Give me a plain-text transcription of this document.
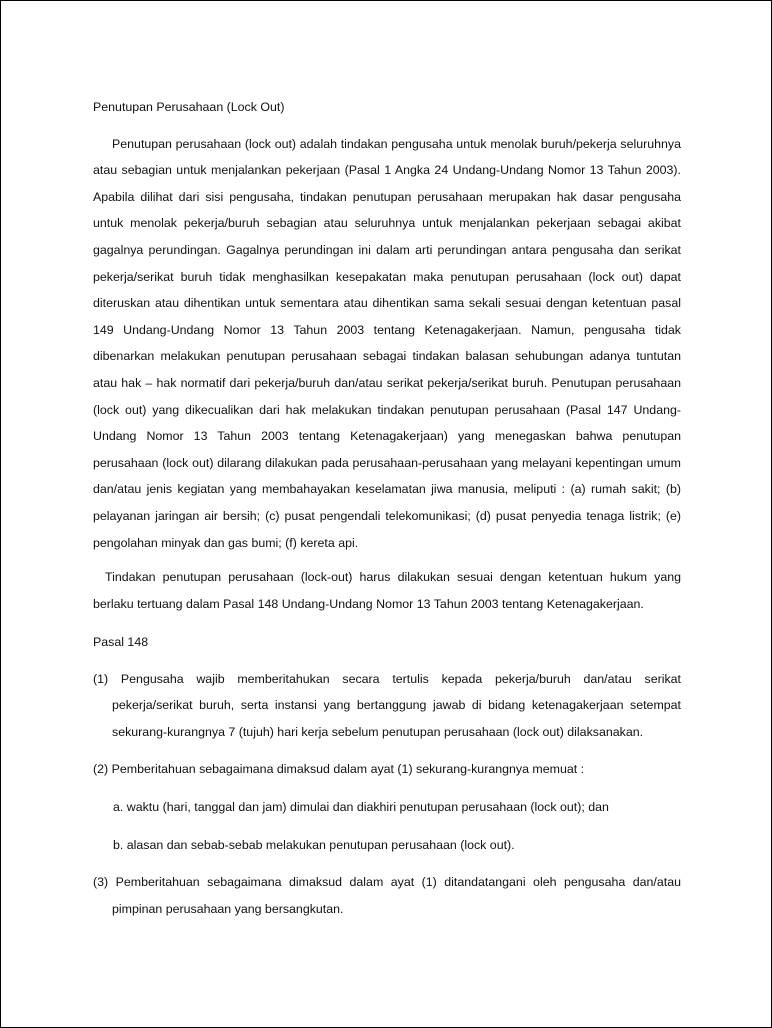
Penutupan Perusahaan (Lock Out)

Penutupan perusahaan (lock out) adalah tindakan pengusaha untuk menolak buruh/pekerja seluruhnya atau sebagian untuk menjalankan pekerjaan (Pasal 1 Angka 24 Undang-Undang Nomor 13 Tahun 2003). Apabila dilihat dari sisi pengusaha, tindakan penutupan perusahaan merupakan hak dasar pengusaha untuk menolak pekerja/buruh sebagian atau seluruhnya untuk menjalankan pekerjaan sebagai akibat gagalnya perundingan. Gagalnya perundingan ini dalam arti perundingan antara pengusaha dan serikat pekerja/serikat buruh tidak menghasilkan kesepakatan maka penutupan perusahaan (lock out) dapat diteruskan atau dihentikan untuk sementara atau dihentikan sama sekali sesuai dengan ketentuan pasal 149 Undang-Undang Nomor 13 Tahun 2003 tentang Ketenagakerjaan. Namun, pengusaha tidak dibenarkan melakukan penutupan perusahaan sebagai tindakan balasan sehubungan adanya tuntutan atau hak – hak normatif dari pekerja/buruh dan/atau serikat pekerja/serikat buruh. Penutupan perusahaan (lock out) yang dikecualikan dari hak melakukan tindakan penutupan perusahaan (Pasal 147 Undang-Undang Nomor 13 Tahun 2003 tentang Ketenagakerjaan) yang menegaskan bahwa penutupan perusahaan (lock out) dilarang dilakukan pada perusahaan-perusahaan yang melayani kepentingan umum dan/atau jenis kegiatan yang membahayakan keselamatan jiwa manusia, meliputi : (a) rumah sakit; (b) pelayanan jaringan air bersih; (c) pusat pengendali telekomunikasi; (d) pusat penyedia tenaga listrik; (e) pengolahan minyak dan gas bumi; (f) kereta api.

Tindakan penutupan perusahaan (lock-out) harus dilakukan sesuai dengan ketentuan hukum yang berlaku tertuang dalam Pasal 148 Undang-Undang Nomor 13 Tahun 2003 tentang Ketenagakerjaan.

Pasal 148

(1) Pengusaha wajib memberitahukan secara tertulis kepada pekerja/buruh dan/atau serikat pekerja/serikat buruh, serta instansi yang bertanggung jawab di bidang ketenagakerjaan setempat sekurang-kurangnya 7 (tujuh) hari kerja sebelum penutupan perusahaan (lock out) dilaksanakan.

(2) Pemberitahuan sebagaimana dimaksud dalam ayat (1) sekurang-kurangnya memuat :

a. waktu (hari, tanggal dan jam) dimulai dan diakhiri penutupan perusahaan (lock out); dan

b. alasan dan sebab-sebab melakukan penutupan perusahaan (lock out).

(3) Pemberitahuan sebagaimana dimaksud dalam ayat (1) ditandatangani oleh pengusaha dan/atau pimpinan perusahaan yang bersangkutan.
